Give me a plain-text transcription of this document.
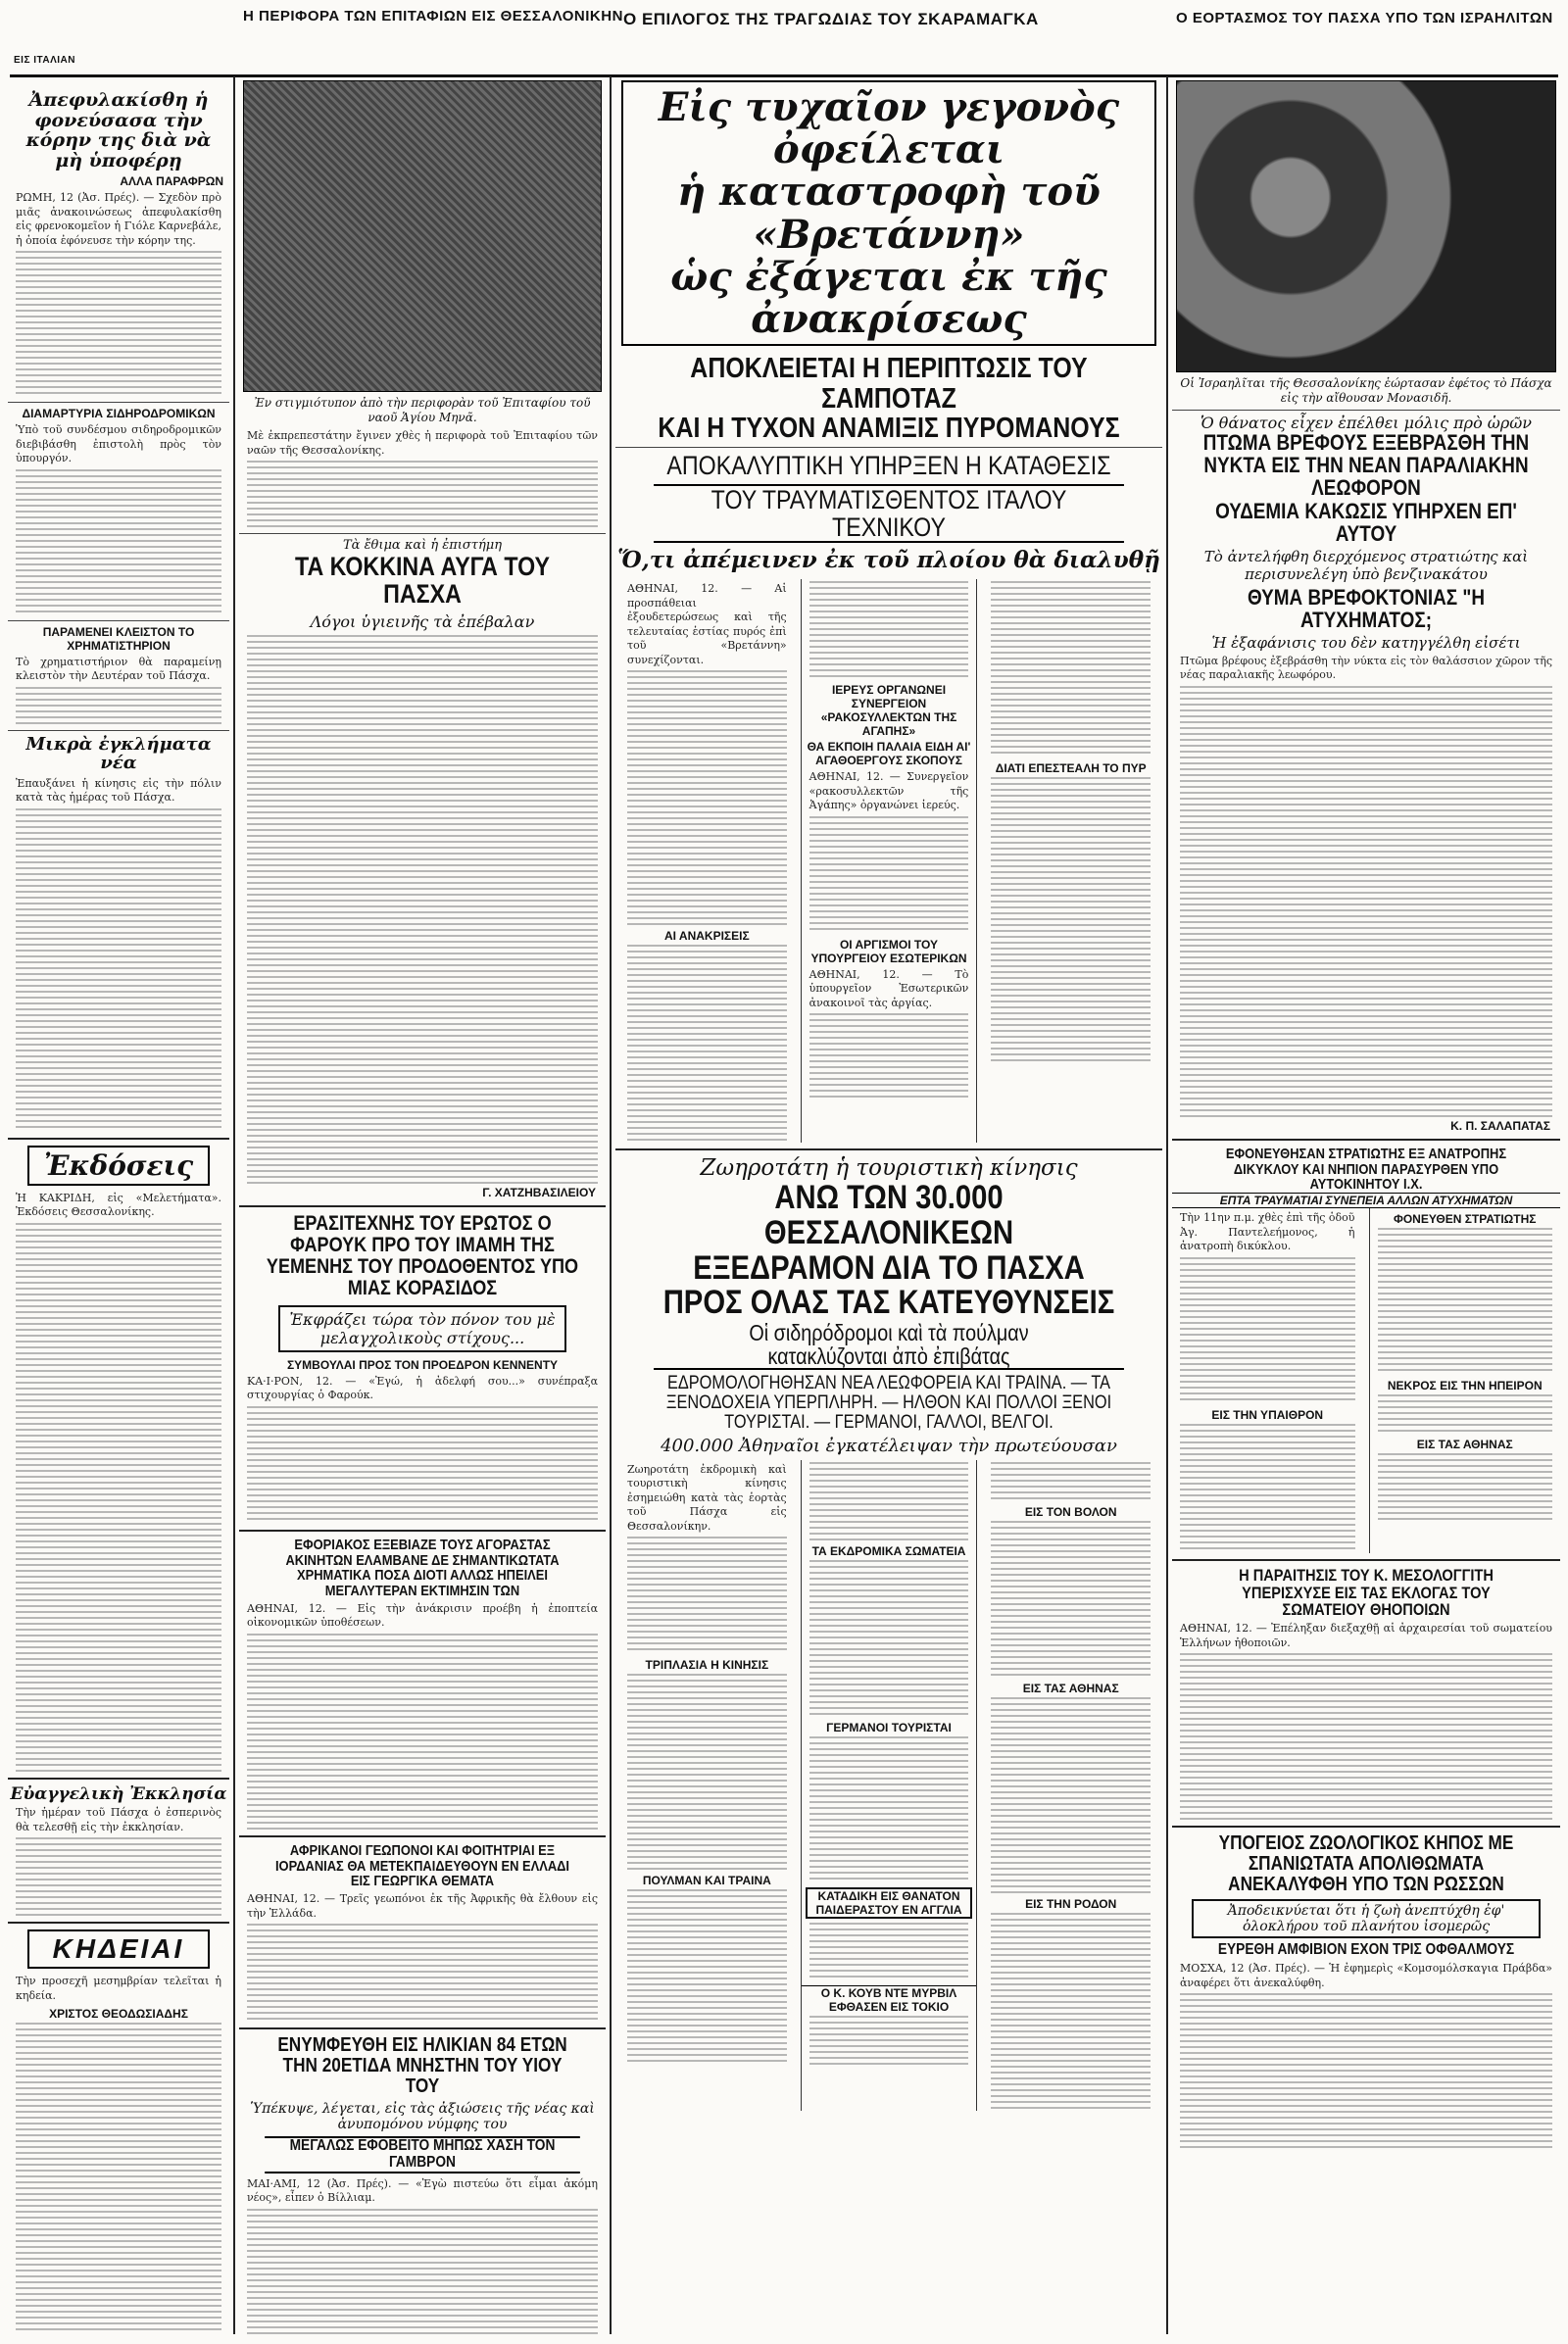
ΕΙΣ ΙΤΑΛΙΑΝ
Η ΠΕΡΙΦΟΡΑ ΤΩΝ ΕΠΙΤΑΦΙΩΝ ΕΙΣ ΘΕΣΣΑΛΟΝΙΚΗΝ Ο ΕΠΙΛΟΓΟΣ ΤΗΣ ΤΡΑΓΩΔΙΑΣ ΤΟΥ ΣΚΑΡΑΜΑΓΚΑ	Ο ΕΟΡΤΑΣΜΟΣ ΤΟΥ ΠΑΣΧΑ ΥΠΟ ΤΩΝ ΙΣΡΑΗΛΙΤΩΝ
Ἀπεφυλακίσθη ἡ φονεύσασα τὴν κόρην της διὰ νὰ μὴ ὑποφέρῃ
ΑΛΛΑ ΠΑΡΑΦΡΩΝ
ΡΩΜΗ, 12 (Ἀσ. Πρές). — Σχεδὸν πρὸ μιᾶς ἀνακοινώσεως ἀπεφυλακίσθη εἰς φρενοκομεῖον ἡ Γιόλε Καρνεβάλε, ἡ ὁποία ἐφόνευσε τὴν κόρην της.
ΔΙΑΜΑΡΤΥΡΙΑ ΣΙΔΗΡΟΔΡΟΜΙΚΩΝ
Ὑπὸ τοῦ συνδέσμου σιδηροδρομικῶν διεβιβάσθη ἐπιστολὴ πρὸς τὸν ὑπουργόν.
ΠΑΡΑΜΕΝΕΙ ΚΛΕΙΣΤΟΝ ΤΟ ΧΡΗΜΑΤΙΣΤΗΡΙΟΝ
Τὸ χρηματιστήριον θὰ παραμείνῃ κλειστὸν τὴν Δευτέραν τοῦ Πάσχα.
Μικρὰ ἐγκλήματα νέα
Ἐπαυξάνει ἡ κίνησις εἰς τὴν πόλιν κατὰ τὰς ἡμέρας τοῦ Πάσχα.
Ἐκδόσεις
Ἡ ΚΑΚΡΙΔΗ, εἰς «Μελετήματα». Ἐκδόσεις Θεσσαλονίκης.
Εὐαγγελικὴ Ἐκκλησία
Τὴν ἡμέραν τοῦ Πάσχα ὁ ἐσπερινὸς θὰ τελεσθῇ εἰς τὴν ἐκκλησίαν.
ΚΗΔΕΙΑΙ
Τὴν προσεχῆ μεσημβρίαν τελεῖται ἡ κηδεία.
ΧΡΙΣΤΟΣ ΘΕΟΔΩΣΙΑΔΗΣ
Ἐν στιγμιότυπον ἀπὸ τὴν περιφορὰν τοῦ Ἐπιταφίου τοῦ ναοῦ Ἁγίου Μηνᾶ.
Μὲ ἐκπρεπεστάτην ἔγινεν χθὲς ἡ περιφορὰ τοῦ Ἐπιταφίου τῶν ναῶν τῆς Θεσσαλονίκης.
Τὰ ἔθιμα καὶ ἡ ἐπιστήμη
ΤΑ ΚΟΚΚΙΝΑ ΑΥΓΑ ΤΟΥ ΠΑΣΧΑ
Λόγοι ὑγιεινῆς τὰ ἐπέβαλαν
Γ. ΧΑΤΖΗΒΑΣΙΛΕΙΟΥ
ΕΡΑΣΙΤΕΧΝΗΣ ΤΟΥ ΕΡΩΤΟΣ Ο ΦΑΡΟΥΚ ΠΡΟ ΤΟΥ ΙΜΑΜΗ ΤΗΣ ΥΕΜΕΝΗΣ ΤΟΥ ΠΡΟΔΟΘΕΝΤΟΣ ΥΠΟ ΜΙΑΣ ΚΟΡΑΣΙΔΟΣ
Ἐκφράζει τώρα τὸν πόνον του μὲ μελαγχολικοὺς στίχους...
ΣΥΜΒΟΥΛΑΙ ΠΡΟΣ ΤΟΝ ΠΡΟΕΔΡΟΝ ΚΕΝΝΕΝΤΥ
ΚΑ·Ι·ΡΟΝ, 12. — «Ἐγώ, ἡ ἀδελφή σου...» συνέπραξα στιχουργίας ὁ Φαρούκ.
ΕΦΟΡΙΑΚΟΣ ΕΞΕΒΙΑΖΕ ΤΟΥΣ ΑΓΟΡΑΣΤΑΣ ΑΚΙΝΗΤΩΝ ΕΛΑΜΒΑΝΕ ΔΕ ΣΗΜΑΝΤΙΚΩΤΑΤΑ ΧΡΗΜΑΤΙΚΑ ΠΟΣΑ ΔΙΟΤΙ ΑΛΛΩΣ ΗΠΕΙΛΕΙ ΜΕΓΑΛΥΤΕΡΑΝ ΕΚΤΙΜΗΣΙΝ ΤΩΝ
ΑΘΗΝΑΙ, 12. — Εἰς τὴν ἀνάκρισιν προέβη ἡ ἐποπτεία οἰκονομικῶν ὑποθέσεων.
ΑΦΡΙΚΑΝΟΙ ΓΕΩΠΟΝΟΙ ΚΑΙ ΦΟΙΤΗΤΡΙΑΙ ΕΞ ΙΟΡΔΑΝΙΑΣ ΘΑ ΜΕΤΕΚΠΑΙΔΕΥΘΟΥΝ ΕΝ ΕΛΛΑΔΙ ΕΙΣ ΓΕΩΡΓΙΚΑ ΘΕΜΑΤΑ
ΑΘΗΝΑΙ, 12. — Τρεῖς γεωπόνοι ἐκ τῆς Ἀφρικῆς θὰ ἔλθουν εἰς τὴν Ἑλλάδα.
ΕΝΥΜΦΕΥΘΗ ΕΙΣ ΗΛΙΚΙΑΝ 84 ΕΤΩΝ ΤΗΝ 20ΕΤΙΔΑ ΜΝΗΣΤΗΝ ΤΟΥ ΥΙΟΥ ΤΟΥ
Ὑπέκυψε, λέγεται, εἰς τὰς ἀξιώσεις τῆς νέας καὶ ἀνυπομόνου νύμφης του
ΜΕΓΑΛΩΣ ΕΦΟΒΕΙΤΟ ΜΗΠΩΣ ΧΑΣΗ ΤΟΝ ΓΑΜΒΡΟΝ
ΜΑΙ·ΑΜΙ, 12 (Ἀσ. Πρές). — «Ἐγὼ πιστεύω ὅτι εἶμαι ἀκόμη νέος», εἶπεν ὁ Βίλλιαμ.
Εἰς τυχαῖον γεγονὸς ὀφείλεται
ἡ καταστροφὴ τοῦ «Βρετάννη»
ὡς ἐξάγεται ἐκ τῆς ἀνακρίσεως
ΑΠΟΚΛΕΙΕΤΑΙ Η ΠΕΡΙΠΤΩΣΙΣ ΤΟΥ ΣΑΜΠΟΤΑΖ
ΚΑΙ Η ΤΥΧΟΝ ΑΝΑΜΙΞΙΣ ΠΥΡΟΜΑΝΟΥΣ
ΑΠΟΚΑΛΥΠΤΙΚΗ ΥΠΗΡΞΕΝ Η ΚΑΤΑΘΕΣΙΣ
ΤΟΥ ΤΡΑΥΜΑΤΙΣΘΕΝΤΟΣ ΙΤΑΛΟΥ ΤΕΧΝΙΚΟΥ
Ὅ,τι ἀπέμεινεν ἐκ τοῦ πλοίου θὰ διαλυθῇ
ΑΘΗΝΑΙ, 12. — Αἱ προσπάθειαι ἐξουδετερώσεως καὶ τῆς τελευταίας ἑστίας πυρός ἐπὶ τοῦ «Βρετάννη» συνεχίζονται.
ΑΙ ΑΝΑΚΡΙΣΕΙΣ
ΙΕΡΕΥΣ ΟΡΓΑΝΩΝΕΙ ΣΥΝΕΡΓΕΙΟΝ «ΡΑΚΟΣΥΛΛΕΚΤΩΝ ΤΗΣ ΑΓΑΠΗΣ»
ΘΑ ΕΚΠΟΙΗ ΠΑΛΑΙΑ ΕΙΔΗ ΑΙ' ΑΓΑΘΟΕΡΓΟΥΣ ΣΚΟΠΟΥΣ
ΑΘΗΝΑΙ, 12. — Συνεργεῖον «ρακοσυλλεκτῶν τῆς Ἀγάπης» ὀργανώνει ἱερεύς.
ΟΙ ΑΡΓΙΣΜΟΙ ΤΟΥ ΥΠΟΥΡΓΕΙΟΥ ΕΣΩΤΕΡΙΚΩΝ
ΑΘΗΝΑΙ, 12. — Τὸ ὑπουργεῖον Ἐσωτερικῶν ἀνακοινοῖ τὰς ἀργίας.
ΔΙΑΤΙ ΕΠΕΣΤΕΑΛΗ ΤΟ ΠΥΡ
Ζωηροτάτη ἡ τουριστικὴ κίνησις
ΑΝΩ ΤΩΝ 30.000 ΘΕΣΣΑΛΟΝΙΚΕΩΝ
ΕΞΕΔΡΑΜΟΝ ΔΙΑ ΤΟ ΠΑΣΧΑ
ΠΡΟΣ ΟΛΑΣ ΤΑΣ ΚΑΤΕΥΘΥΝΣΕΙΣ
Οἱ σιδηρόδρομοι καὶ τὰ πούλμαν
κατακλύζονται ἀπὸ ἐπιβάτας
ΕΔΡΟΜΟΛΟΓΗΘΗΣΑΝ ΝΕΑ ΛΕΩΦΟΡΕΙΑ ΚΑΙ ΤΡΑΙΝΑ. — ΤΑ ΞΕΝΟΔΟΧΕΙΑ ΥΠΕΡΠΛΗΡΗ. — ΗΛΘΟΝ ΚΑΙ ΠΟΛΛΟΙ ΞΕΝΟΙ ΤΟΥΡΙΣΤΑΙ. — ΓΕΡΜΑΝΟΙ, ΓΑΛΛΟΙ, ΒΕΛΓΟΙ.
400.000 Ἀθηναῖοι ἐγκατέλειψαν τὴν πρωτεύουσαν
Ζωηροτάτη ἐκδρομικὴ καὶ τουριστικὴ κίνησις ἐσημειώθη κατὰ τὰς ἑορτὰς τοῦ Πάσχα εἰς Θεσσαλονίκην.
ΤΡΙΠΛΑΣΙΑ Η ΚΙΝΗΣΙΣ
ΠΟΥΛΜΑΝ ΚΑΙ ΤΡΑΙΝΑ
ΤΑ ΕΚΔΡΟΜΙΚΑ ΣΩΜΑΤΕΙΑ
ΓΕΡΜΑΝΟΙ ΤΟΥΡΙΣΤΑΙ
ΚΑΤΑΔΙΚΗ ΕΙΣ ΘΑΝΑΤΟΝ ΠΑΙΔΕΡΑΣΤΟΥ ΕΝ ΑΓΓΛΙΑ
Ο Κ. ΚΟΥΒ ΝΤΕ ΜΥΡΒΙΛ ΕΦΘΑΣΕΝ ΕΙΣ ΤΟΚΙΟ
ΕΙΣ ΤΟΝ ΒΟΛΟΝ
ΕΙΣ ΤΑΣ ΑΘΗΝΑΣ
ΕΙΣ ΤΗΝ ΡΟΔΟΝ
Οἱ Ἰσραηλῖται τῆς Θεσσαλονίκης ἑώρτασαν ἐφέτος τὸ Πάσχα εἰς τὴν αἴθουσαν Μονασιδῆ.
Ὁ θάνατος εἶχεν ἐπέλθει μόλις πρὸ ὡρῶν
ΠΤΩΜΑ ΒΡΕΦΟΥΣ ΕΞΕΒΡΑΣΘΗ ΤΗΝ ΝΥΚΤΑ ΕΙΣ ΤΗΝ ΝΕΑΝ ΠΑΡΑΛΙΑΚΗΝ ΛΕΩΦΟΡΟΝ
ΟΥΔΕΜΙΑ ΚΑΚΩΣΙΣ ΥΠΗΡΧΕΝ ΕΠ' ΑΥΤΟΥ
Τὸ ἀντελήφθη διερχόμενος στρατιώτης καὶ περισυνελέγη ὑπὸ βενζινακάτου
ΘΥΜΑ ΒΡΕΦΟΚΤΟΝΙΑΣ "Η ΑΤΥΧΗΜΑΤΟΣ;
Ἡ ἐξαφάνισις του δὲν κατηγγέλθη εἰσέτι
Πτῶμα βρέφους ἐξεβράσθη τὴν νύκτα εἰς τὸν θαλάσσιον χῶρον τῆς νέας παραλιακῆς λεωφόρου.
Κ. Π. ΣΑΛΑΠΑΤΑΣ
ΕΦΟΝΕΥΘΗΣΑΝ ΣΤΡΑΤΙΩΤΗΣ ΕΞ ΑΝΑΤΡΟΠΗΣ ΔΙΚΥΚΛΟΥ ΚΑΙ ΝΗΠΙΟΝ ΠΑΡΑΣΥΡΘΕΝ ΥΠΟ ΑΥΤΟΚΙΝΗΤΟΥ Ι.Χ.
ΕΠΤΑ ΤΡΑΥΜΑΤΙΑΙ ΣΥΝΕΠΕΙΑ ΑΛΛΩΝ ΑΤΥΧΗΜΑΤΩΝ
Τὴν 11ην π.μ. χθὲς ἐπὶ τῆς ὁδοῦ Ἀγ. Παντελεήμονος, ἡ ἀνατροπὴ δικύκλου.
ΕΙΣ ΤΗΝ ΥΠΑΙΘΡΟΝ
ΦΟΝΕΥΘΕΝ ΣΤΡΑΤΙΩΤΗΣ
ΝΕΚΡΟΣ ΕΙΣ ΤΗΝ ΗΠΕΙΡΟΝ
ΕΙΣ ΤΑΣ ΑΘΗΝΑΣ
Η ΠΑΡΑΙΤΗΣΙΣ ΤΟΥ Κ. ΜΕΣΟΛΟΓΓΙΤΗ ΥΠΕΡΙΣΧΥΣΕ ΕΙΣ ΤΑΣ ΕΚΛΟΓΑΣ ΤΟΥ ΣΩΜΑΤΕΙΟΥ ΘΗΟΠΟΙΩΝ
ΑΘΗΝΑΙ, 12. — Ἐπέληξαν διεξαχθῇ αἱ ἀρχαιρεσίαι τοῦ σωματείου Ἑλλήνων ἠθοποιῶν.
ΥΠΟΓΕΙΟΣ ΖΩΟΛΟΓΙΚΟΣ ΚΗΠΟΣ ΜΕ ΣΠΑΝΙΩΤΑΤΑ ΑΠΟΛΙΘΩΜΑΤΑ ΑΝΕΚΑΛΥΦΘΗ ΥΠΟ ΤΩΝ ΡΩΣΣΩΝ
Ἀποδεικνύεται ὅτι ἡ ζωὴ ἀνεπτύχθη ἐφ' ὁλοκλήρου τοῦ πλανήτου ἰσομερῶς
ΕΥΡΕΘΗ ΑΜΦΙΒΙΟΝ ΕΧΟΝ ΤΡΙΣ ΟΦΘΑΛΜΟΥΣ
ΜΟΣΧΑ, 12 (Ἀσ. Πρές). — Ἡ ἐφημερὶς «Κομσομόλσκαγια Πράβδα» ἀναφέρει ὅτι ἀνεκαλύφθη.
